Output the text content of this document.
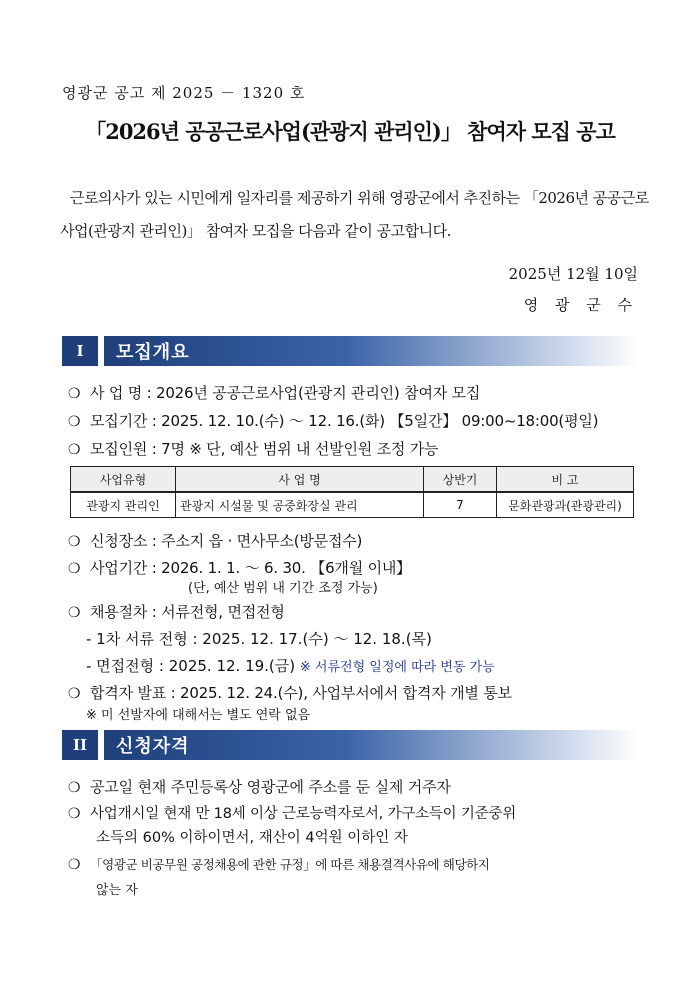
영광군 공고 제 2025 － 1320 호
「2026년 공공근로사업(관광지 관리인)」 참여자 모집 공고
근로의사가 있는 시민에게 일자리를 제공하기 위해 영광군에서 추진하는 「2026년 공공근로사업(관광지 관리인)」 참여자 모집을 다음과 같이 공고합니다.
2025년 12월 10일
영 광 군 수
I	모집개요
❍ 사 업 명 : 2026년 공공근로사업(관광지 관리인) 참여자 모집
❍ 모집기간 : 2025. 12. 10.(수) ～ 12. 16.(화) 【5일간】 09:00~18:00(평일)
❍ 모집인원 : 7명 ※ 단, 예산 범위 내 선발인원 조정 가능
사업유형	사 업 명	상반기	비 고
관광지 관리인	관광지 시설물 및 공중화장실 관리	7	문화관광과(관광관리)
❍ 신청장소 : 주소지 읍 · 면사무소(방문접수)
❍ 사업기간 : 2026. 1. 1. ～ 6. 30. 【6개월 이내】
(단, 예산 범위 내 기간 조정 가능)
❍ 채용절차 : 서류전형, 면접전형
- 1차 서류 전형 : 2025. 12. 17.(수) ～ 12. 18.(목)
- 면접전형 : 2025. 12. 19.(금) ※ 서류전형 일정에 따라 변동 가능
❍ 합격자 발표 : 2025. 12. 24.(수), 사업부서에서 합격자 개별 통보
※ 미 선발자에 대해서는 별도 연락 없음
II	신청자격
❍ 공고일 현재 주민등록상 영광군에 주소를 둔 실제 거주자
❍ 사업개시일 현재 만 18세 이상 근로능력자로서, 가구소득이 기준중위
소득의 60% 이하이면서, 재산이 4억원 이하인 자
❍ 「영광군 비공무원 공정채용에 관한 규정」에 따른 채용결격사유에 해당하지
않는 자
